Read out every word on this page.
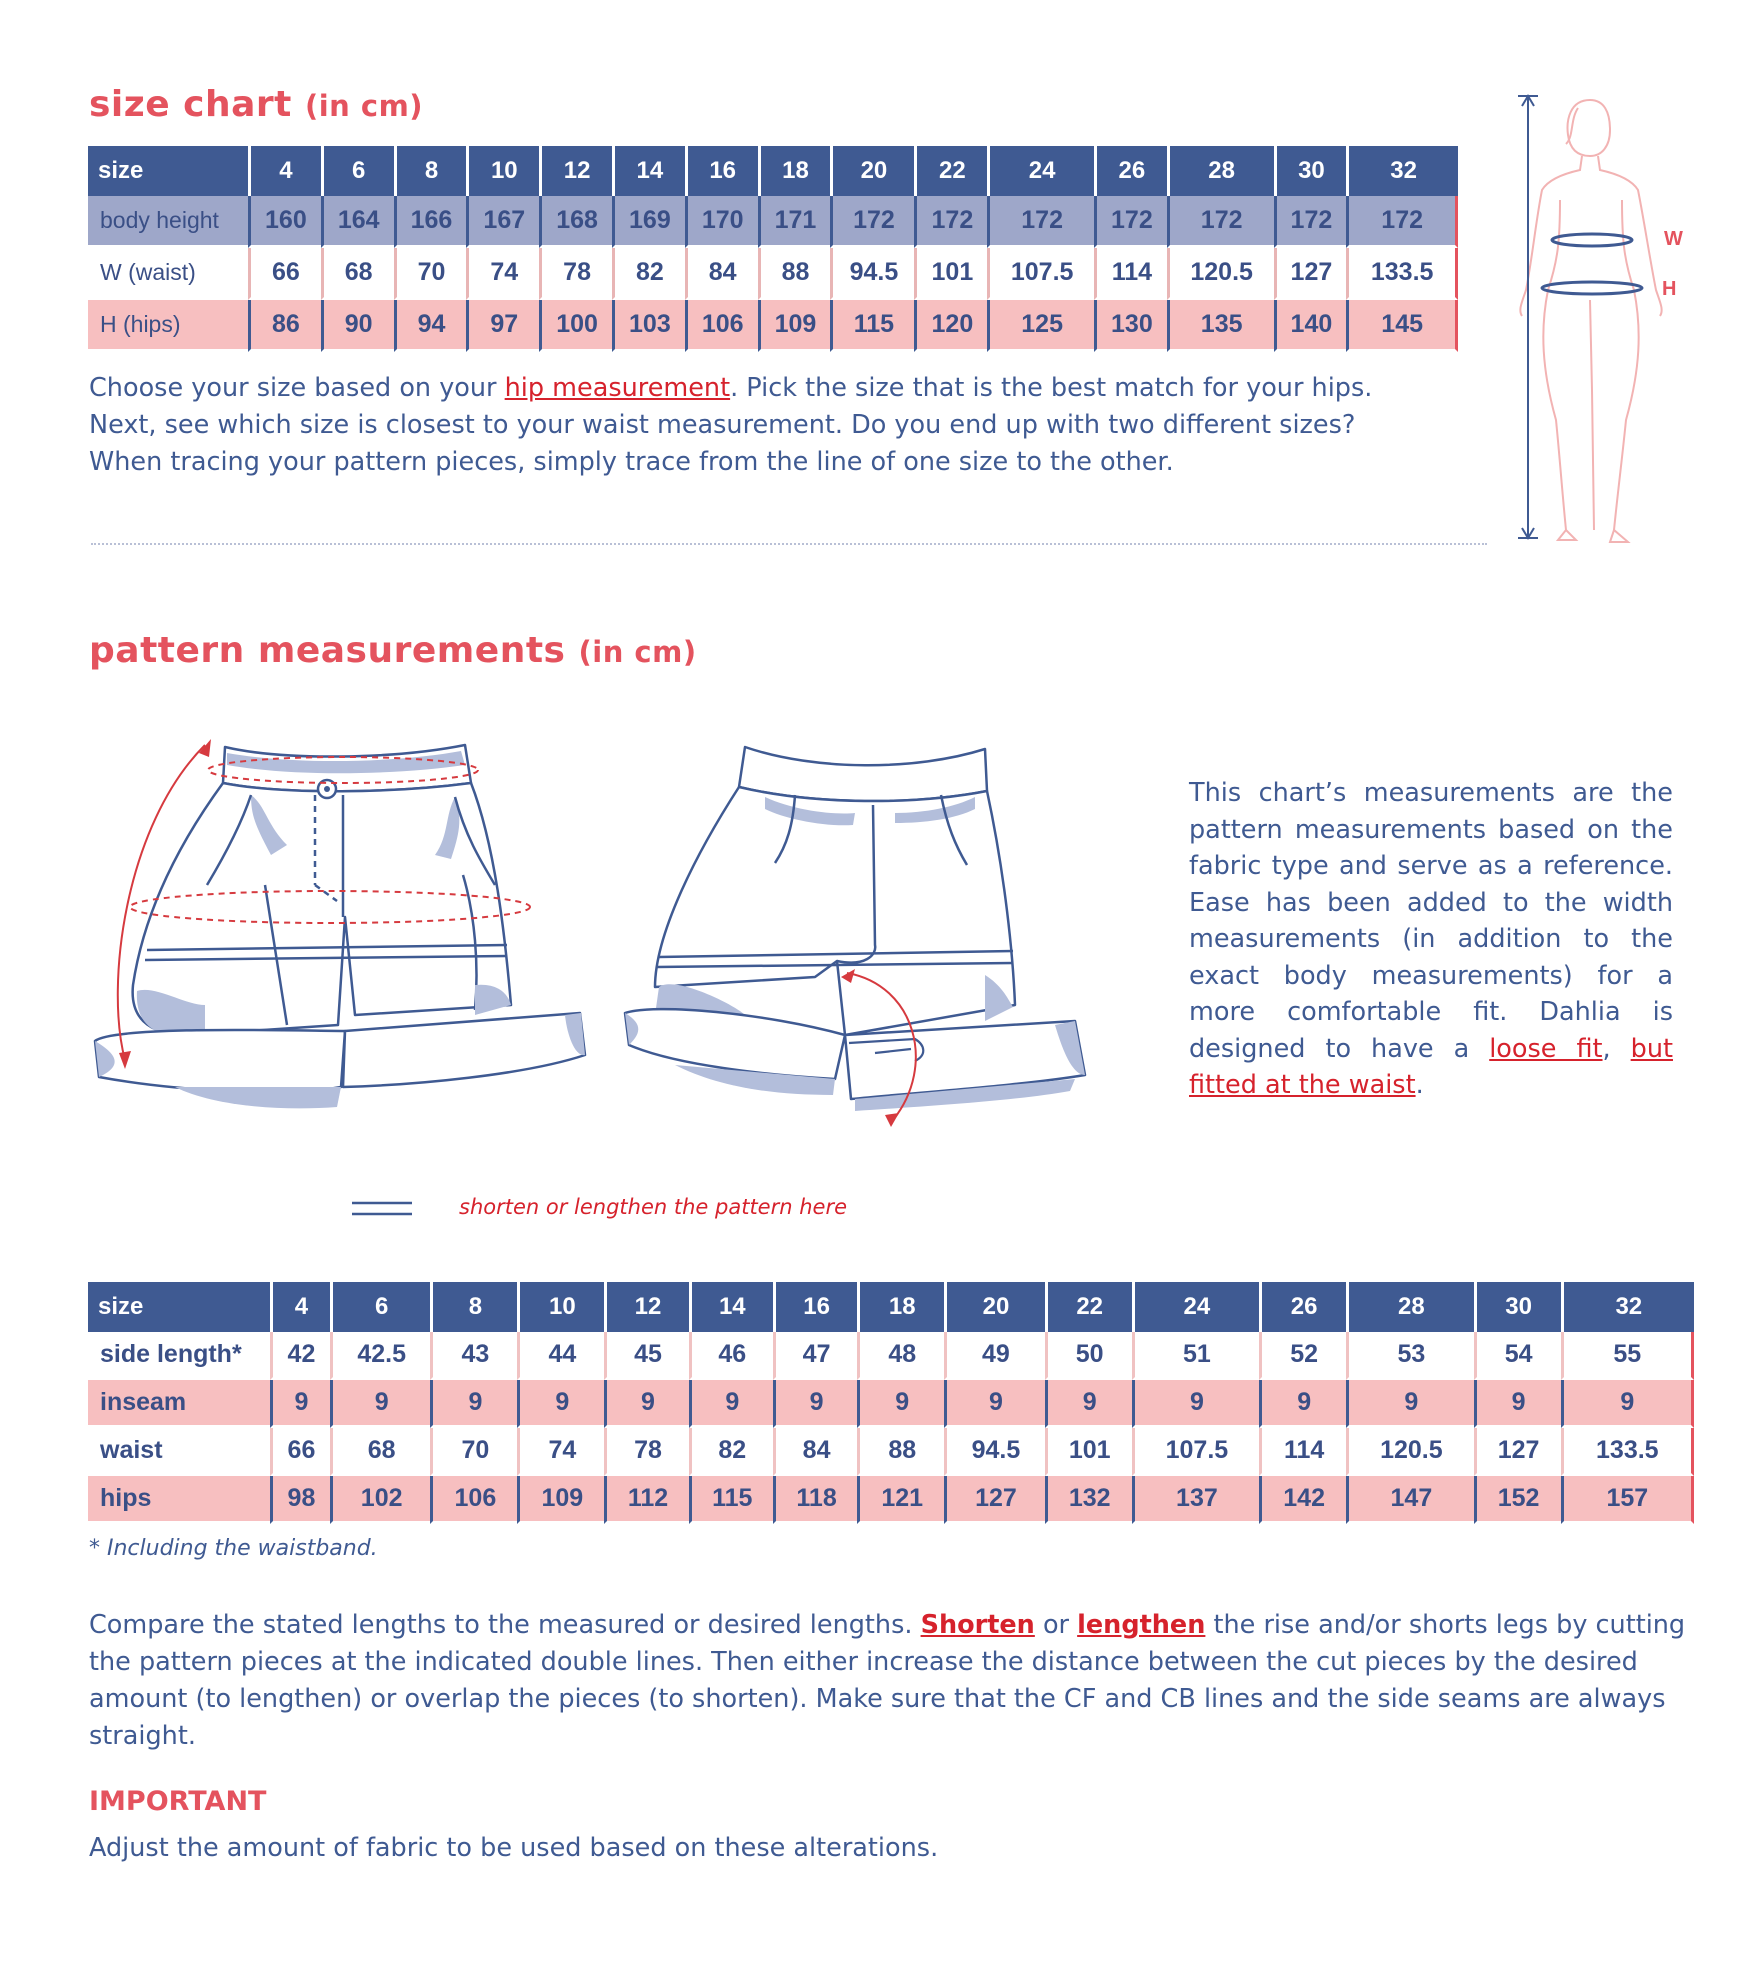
size chart (in cm)
size	4	6	8	10	12	14	16	18	20	22	24	26	28	30	32
body height	160	164	166	167	168	169	170	171	172	172	172	172	172	172	172
W (waist)	66	68	70	74	78	82	84	88	94.5	101	107.5	114	120.5	127	133.5
H (hips)	86	90	94	97	100	103	106	109	115	120	125	130	135	140	145
Choose your size based on your hip measurement. Pick the size that is the best match for your hips.
Next, see which size is closest to your waist measurement. Do you end up with two different sizes?
When tracing your pattern pieces, simply trace from the line of one size to the other.
W
H
pattern measurements (in cm)
This chart’s measurements are the pattern measurements based on the fabric type and serve as a reference. Ease has been added to the width measurements (in addition to the exact body measurements) for a more comfortable fit. Dahlia is designed to have a loose fit, but fitted at the waist.
shorten or lengthen the pattern here
size	4	6	8	10	12	14	16	18	20	22	24	26	28	30	32
side length*	42	42.5	43	44	45	46	47	48	49	50	51	52	53	54	55
inseam	9	9	9	9	9	9	9	9	9	9	9	9	9	9	9
waist	66	68	70	74	78	82	84	88	94.5	101	107.5	114	120.5	127	133.5
hips	98	102	106	109	112	115	118	121	127	132	137	142	147	152	157
* Including the waistband.
Compare the stated lengths to the measured or desired lengths. Shorten or lengthen the rise and/or shorts legs by cutting the pattern pieces at the indicated double lines. Then either increase the distance between the cut pieces by the desired amount (to lengthen) or overlap the pieces (to shorten). Make sure that the CF and CB lines and the side seams are always straight.
IMPORTANT
Adjust the amount of fabric to be used based on these alterations.
